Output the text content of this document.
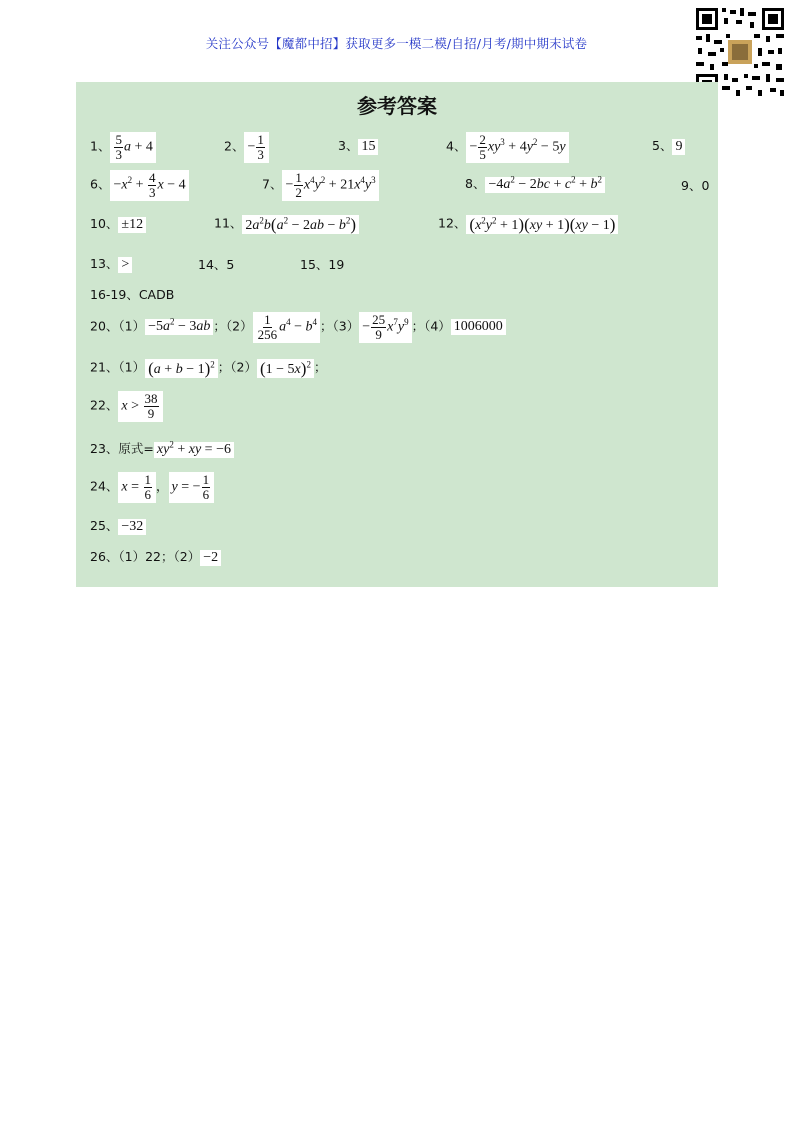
关注公众号【魔都中招】获取更多一模二模/自招/月考/期中期末试卷
参考答案
1、 $\frac{5}{3}$ a + 4	2、 − $\frac{1}{3}$	3、 15	4、 − $\frac{2}{5} xy^3 + 4y^2 - 5y$	5、 9
6、 $-x^2 + \frac{4}{3}$ x − 4	7、 − $\frac{1}{2} x^4y^2 + 21x^4y^3$	8、 $-4a^2 - 2bc + c^2 + b^2$	9、0
10、 ±12	11、 $2a^2b(a^2 - 2ab - b^2)$	12、 $(x^2y^2 + 1)(xy + 1)(xy - 1)$
13、 >	14、5	15、19
16-19、CADB
20、$(1) -5a^2 - 3ab$ ；$(2) \frac{1}{256} a^4 - b^4$ ；$(3) - \frac{25}{9} x^7y^9$ ；（4） 1006000
21、（1） $(a + b - 1)^2$ ；（2） $(1 - 5x)^2$ ；
22、 $x > \frac{38}{9}$
23、原式= $xy^2$ + xy = −6
24、 $x = \frac{1}{6}$ ， y = − $\frac{1}{6}$
25、 −32
26、（1）22；（2） −2
